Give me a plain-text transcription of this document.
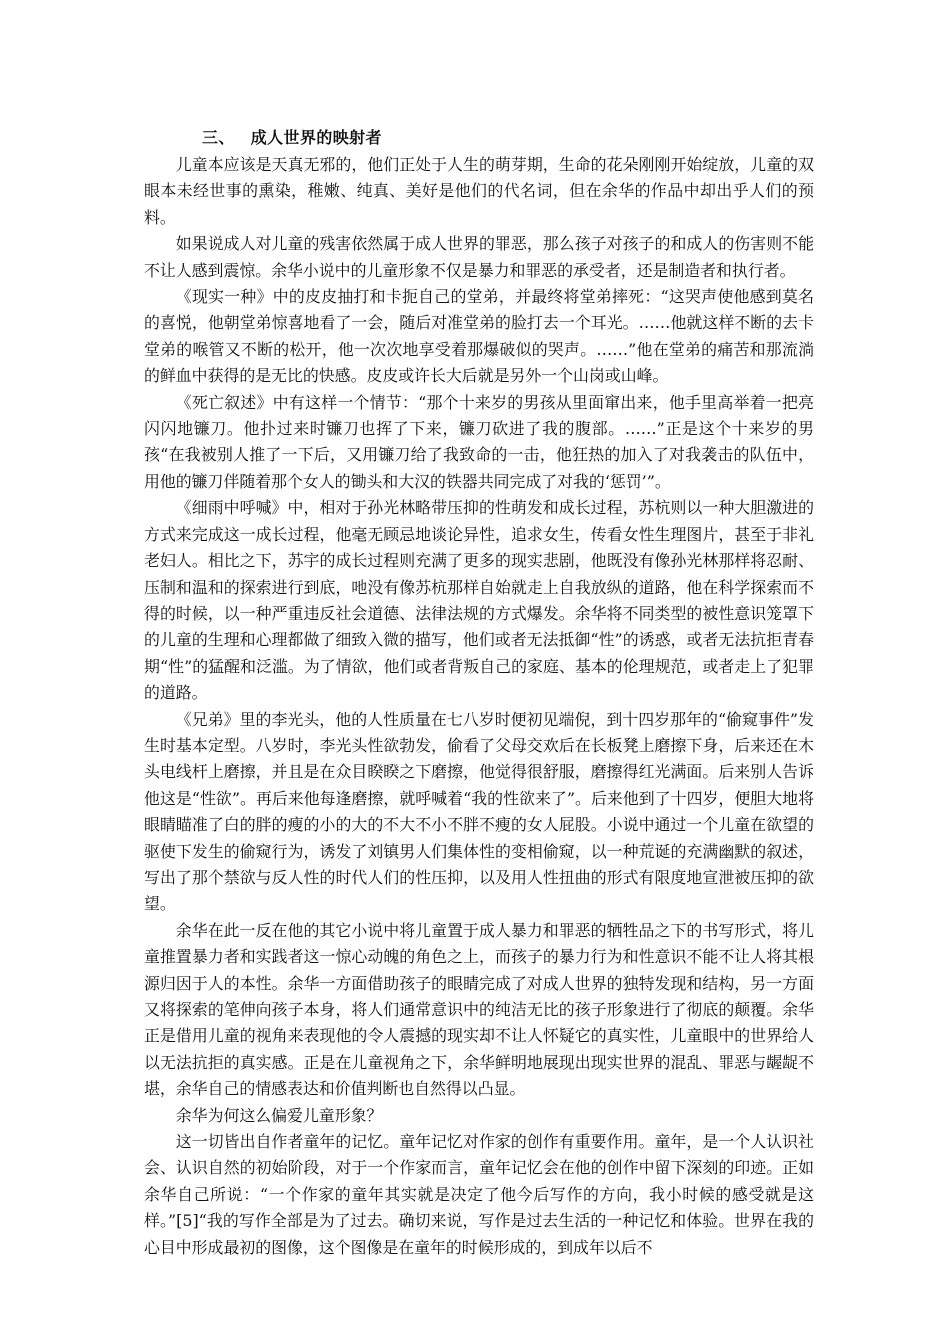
三、 成人世界的映射者

儿童本应该是天真无邪的，他们正处于人生的萌芽期，生命的花朵刚刚开始绽放，儿童的双眼本未经世事的熏染，稚嫩、纯真、美好是他们的代名词，但在余华的作品中却出乎人们的预料。

如果说成人对儿童的残害依然属于成人世界的罪恶，那么孩子对孩子的和成人的伤害则不能不让人感到震惊。余华小说中的儿童形象不仅是暴力和罪恶的承受者，还是制造者和执行者。

《现实一种》中的皮皮抽打和卡扼自己的堂弟，并最终将堂弟摔死：“这哭声使他感到莫名的喜悦，他朝堂弟惊喜地看了一会，随后对准堂弟的脸打去一个耳光。……他就这样不断的去卡堂弟的喉管又不断的松开，他一次次地享受着那爆破似的哭声。……”他在堂弟的痛苦和那流淌的鲜血中获得的是无比的快感。皮皮或许长大后就是另外一个山岗或山峰。

《死亡叙述》中有这样一个情节：“那个十来岁的男孩从里面窜出来，他手里高举着一把亮闪闪地镰刀。他扑过来时镰刀也挥了下来，镰刀砍进了我的腹部。……”正是这个十来岁的男孩“在我被别人推了一下后，又用镰刀给了我致命的一击，他狂热的加入了对我袭击的队伍中，用他的镰刀伴随着那个女人的锄头和大汉的铁器共同完成了对我的‘惩罚’”。

《细雨中呼喊》中，相对于孙光林略带压抑的性萌发和成长过程，苏杭则以一种大胆激进的方式来完成这一成长过程，他毫无顾忌地谈论异性，追求女生，传看女性生理图片，甚至于非礼老妇人。相比之下，苏宇的成长过程则充满了更多的现实悲剧，他既没有像孙光林那样将忍耐、压制和温和的探索进行到底，吔没有像苏杭那样自始就走上自我放纵的道路，他在科学探索而不得的时候，以一种严重违反社会道德、法律法规的方式爆发。余华将不同类型的被性意识笼罩下的儿童的生理和心理都做了细致入微的描写，他们或者无法抵御“性”的诱惑，或者无法抗拒青春期“性”的猛醒和泛滥。为了情欲，他们或者背叛自己的家庭、基本的伦理规范，或者走上了犯罪的道路。

《兄弟》里的李光头，他的人性质量在七八岁时便初见端倪，到十四岁那年的“偷窥事件”发生时基本定型。八岁时，李光头性欲勃发，偷看了父母交欢后在长板凳上磨擦下身，后来还在木头电线杆上磨擦，并且是在众目睽睽之下磨擦，他觉得很舒服，磨擦得红光满面。后来别人告诉他这是“性欲”。再后来他每逢磨擦，就呼喊着“我的性欲来了”。后来他到了十四岁，便胆大地将眼睛瞄准了白的胖的瘦的小的大的不大不小不胖不瘦的女人屁股。小说中通过一个儿童在欲望的驱使下发生的偷窥行为，诱发了刘镇男人们集体性的变相偷窥，以一种荒诞的充满幽默的叙述，写出了那个禁欲与反人性的时代人们的性压抑，以及用人性扭曲的形式有限度地宣泄被压抑的欲望。

余华在此一反在他的其它小说中将儿童置于成人暴力和罪恶的牺牲品之下的书写形式，将儿童推置暴力者和实践者这一惊心动魄的角色之上，而孩子的暴力行为和性意识不能不让人将其根源归因于人的本性。余华一方面借助孩子的眼睛完成了对成人世界的独特发现和结构，另一方面又将探索的笔伸向孩子本身，将人们通常意识中的纯洁无比的孩子形象进行了彻底的颠覆。余华正是借用儿童的视角来表现他的令人震撼的现实却不让人怀疑它的真实性，儿童眼中的世界给人以无法抗拒的真实感。正是在儿童视角之下，余华鲜明地展现出现实世界的混乱、罪恶与龌龊不堪，余华自己的情感表达和价值判断也自然得以凸显。

余华为何这么偏爱儿童形象？

这一切皆出自作者童年的记忆。童年记忆对作家的创作有重要作用。童年，是一个人认识社会、认识自然的初始阶段，对于一个作家而言，童年记忆会在他的创作中留下深刻的印迹。正如余华自己所说：“一个作家的童年其实就是决定了他今后写作的方向，我小时候的感受就是这样。”[5]“我的写作全部是为了过去。确切来说，写作是过去生活的一种记忆和体验。世界在我的心目中形成最初的图像，这个图像是在童年的时候形成的，到成年以后不
